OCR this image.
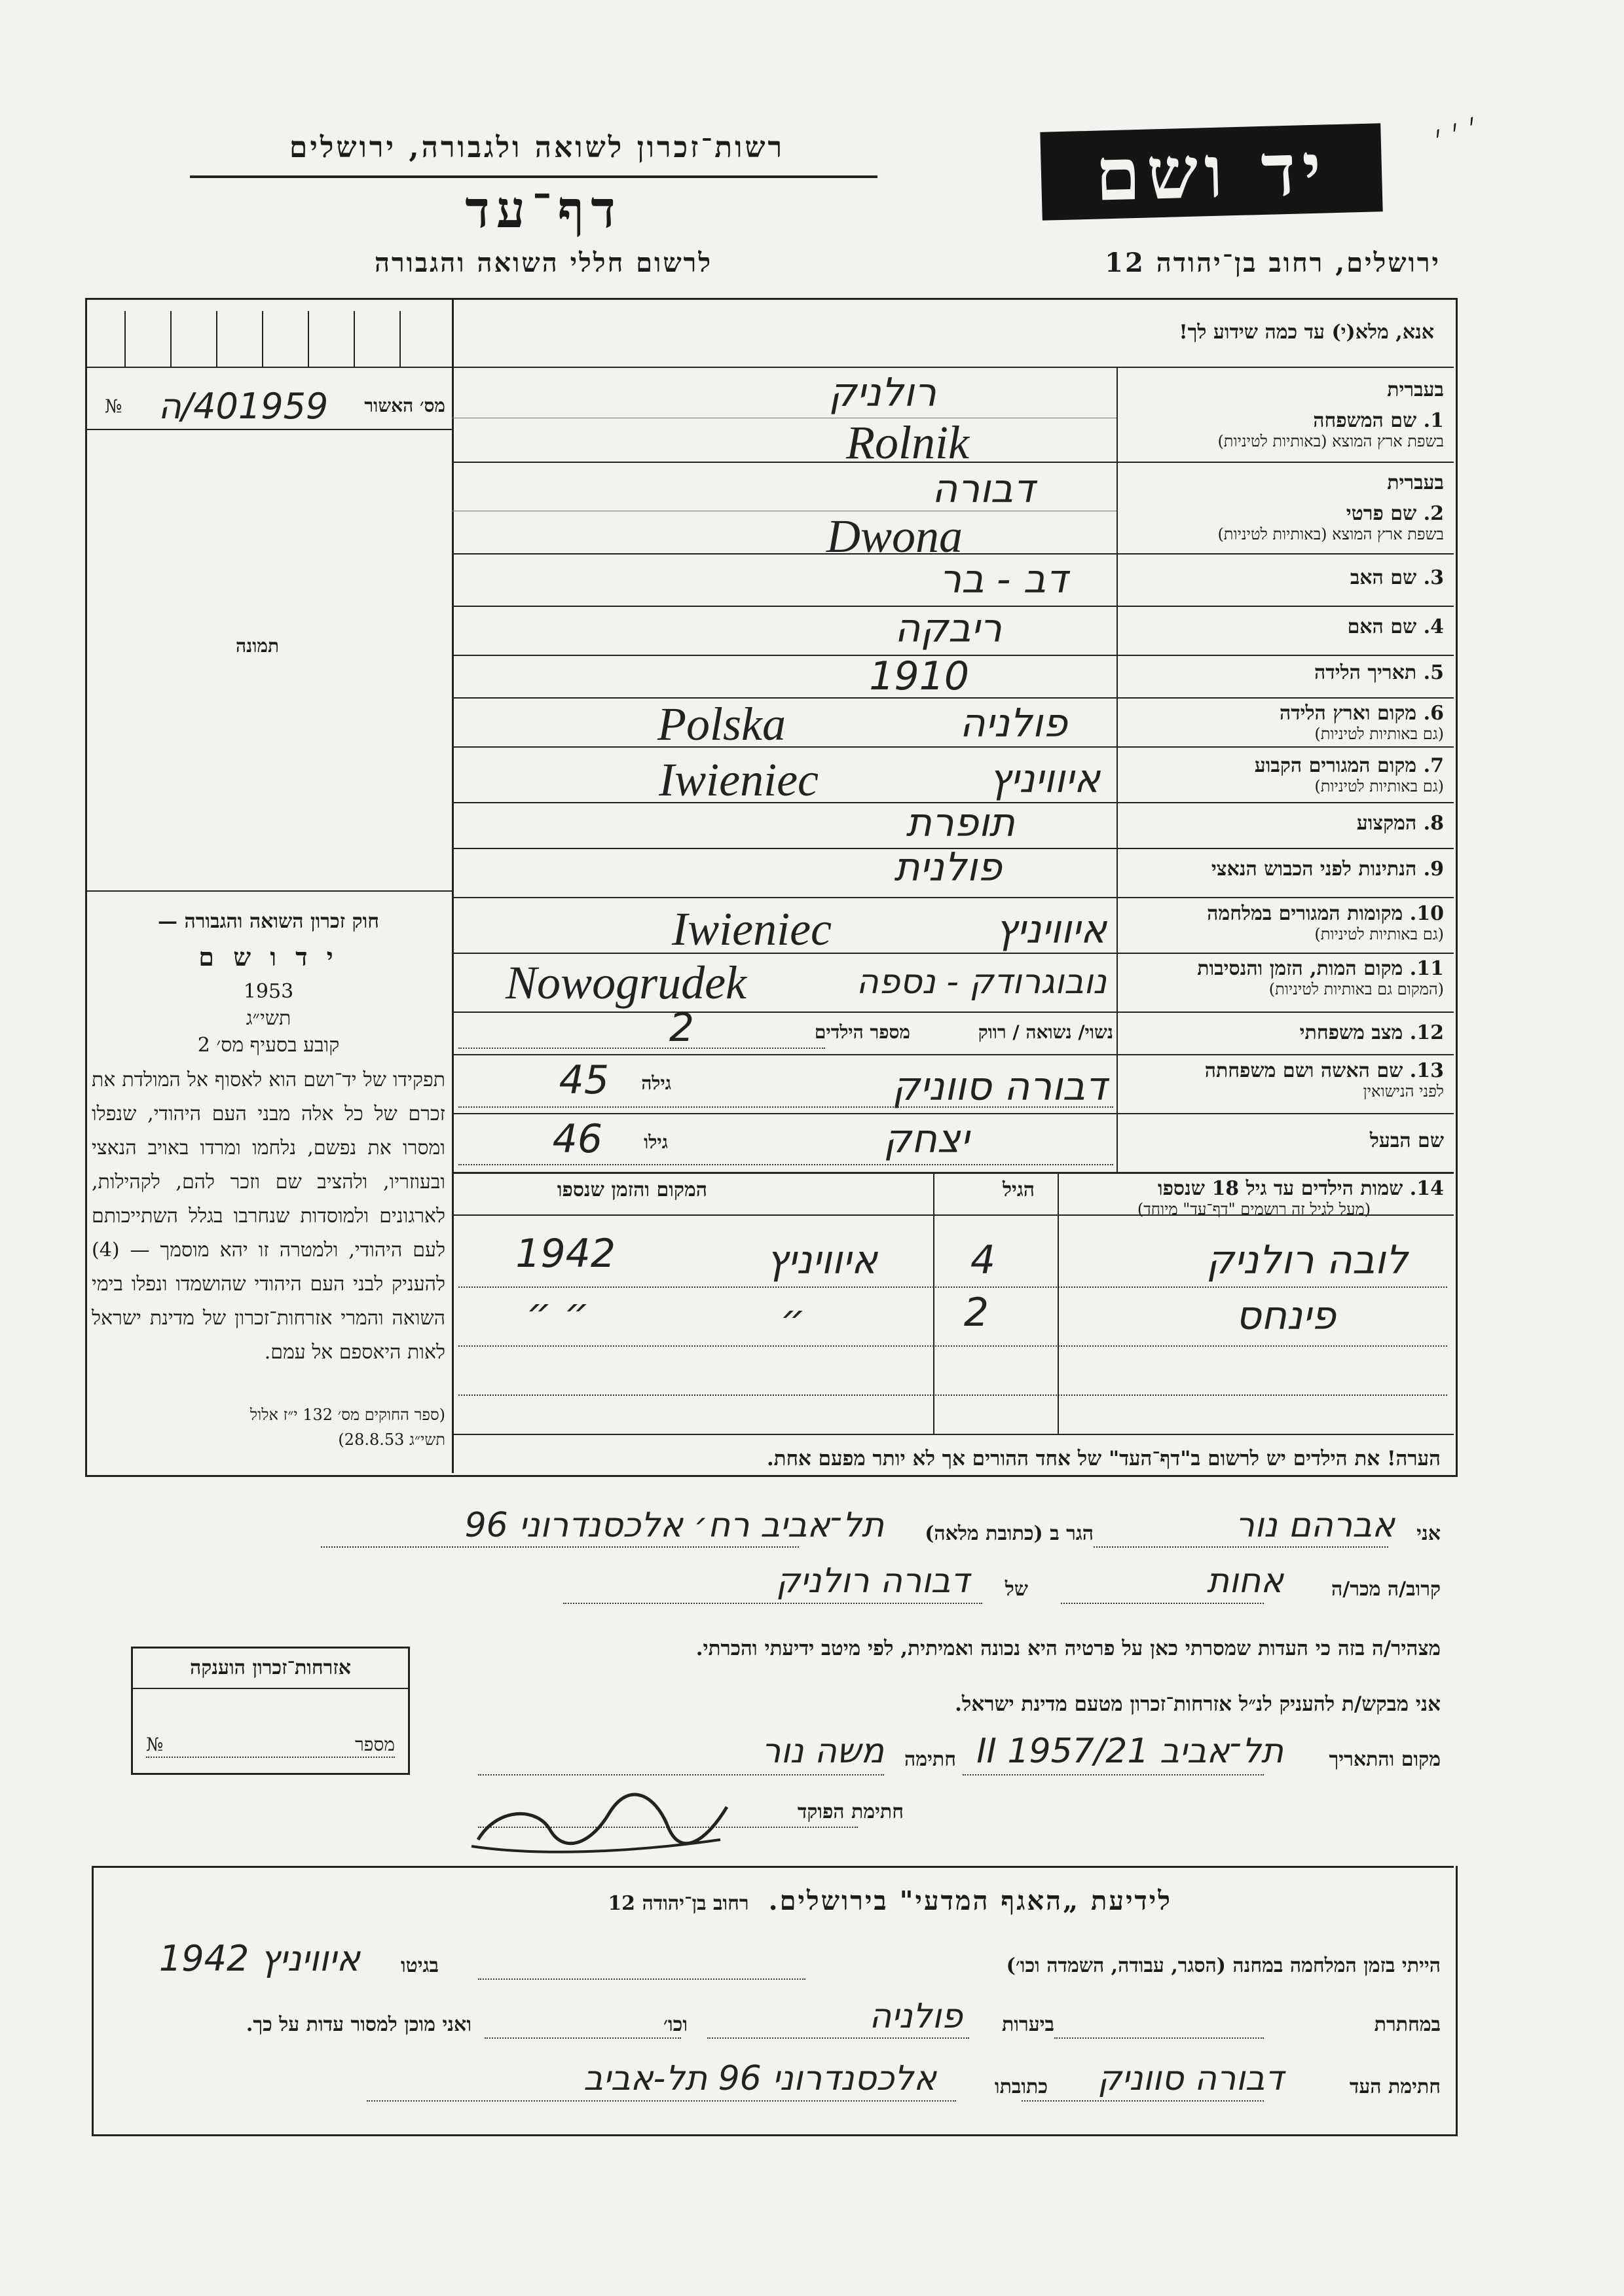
רשות־זכרון לשואה ולגבורה, ירושלים
דף־עד
לרשום חללי השואה והגבורה
יד ושם
ירושלים, רחוב בן־יהודה 12
׳ ׳ ׳
אנא, מלא(י) עד כמה שידוע לך!
מס׳ האשור
401959/ה
№
תמונה
חוק זכרון השואה והגבורה —
י ד ו ש ם
1953
תשי״ג
קובע בסעיף מס׳ 2
תפקידו של יד־ושם הוא לאסוף אל המולדת את זכרם של כל אלה מבני העם היהודי, שנפלו ומסרו את נפשם, נלחמו ומרדו באויב הנאצי ובעוזריו, ולהציב שם וזכר להם, לקהילות, לארגונים ולמוסדות שנחרבו בגלל השתייכותם לעם היהודי, ולמטרה זו יהא מוסמך — (4) להעניק לבני העם היהודי שהושמדו ונפלו בימי השואה והמרי אזרחות־זכרון של מדינת ישראל לאות היאספם אל עמם.
(ספר החוקים מס׳ 132 י״ז אלול תשי״ג 28.8.53)
בעברית
1. שם המשפחה
בשפת ארץ המוצא (באותיות לטיניות)
רולניק
Rolnik
בעברית
2. שם פרטי
בשפת ארץ המוצא (באותיות לטיניות)
דבורה
Dwona
3. שם האב
דב - בר
4. שם האם
ריבקה
5. תאריך הלידה
1910
6. מקום וארץ הלידה
(גם באותיות לטיניות)
פולניה
Polska
7. מקום המגורים הקבוע
(גם באותיות לטיניות)
איוויניץ
Iwieniec
8. המקצוע
תופרת
9. הנתינות לפני הכבוש הנאצי
פולנית
10. מקומות המגורים במלחמה
(גם באותיות לטיניות)
איוויניץ
Iwieniec
11. מקום המות, הזמן והנסיבות
(המקום גם באותיות לטיניות)
נובוגרודק - נספה
Nowogrudek
12. מצב משפחתי
נשוי/ נשואה / רווק
מספר הילדים
2
13. שם האשה ושם משפחתה
לפני הנישואין
דבורה סווניק
גילה
45
שם הבעל
יצחק
גילו
46
14. שמות הילדים עד גיל 18 שנספו
(מעל לגיל זה רושמים "דף־עד" מיוחד)
הגיל
המקום והזמן שנספו
לובה רולניק
4
איוויניץ
1942
פינחס
2
״
״ ״
הערה! את הילדים יש לרשום ב"דף־העד" של אחד ההורים אך לא יותר מפעם אחת.
אני
אברהם נור
הגר ב (כתובת מלאה)
תל־אביב רח׳ אלכסנדרוני 96
קרוב/ה מכר/ה
אחות
של
דבורה רולניק
מצהיר/ה בזה כי העדות שמסרתי כאן על פרטיה היא נכונה ואמיתית, לפי מיטב ידיעתי והכרתי.
אני מבקש/ת להעניק לנ״ל אזרחות־זכרון מטעם מדינת ישראל.
מקום והתאריך
תל־אביב 21/II 1957
חתימה
משה נור
חתימת הפוקד
אזרחות־זכרון הוענקה
מספר
№
לידיעת „האגף המדעי" בירושלים.
רחוב בן־יהודה 12
הייתי בזמן המלחמה במחנה (הסגר, עבודה, השמדה וכו׳)
בגיטו
איוויניץ 1942
במחתרת
ביערות
פולניה
וכו׳
ואני מוכן למסור עדות על כך.
חתימת העד
דבורה סווניק
כתובתו
אלכסנדרוני 96 תל-אביב
